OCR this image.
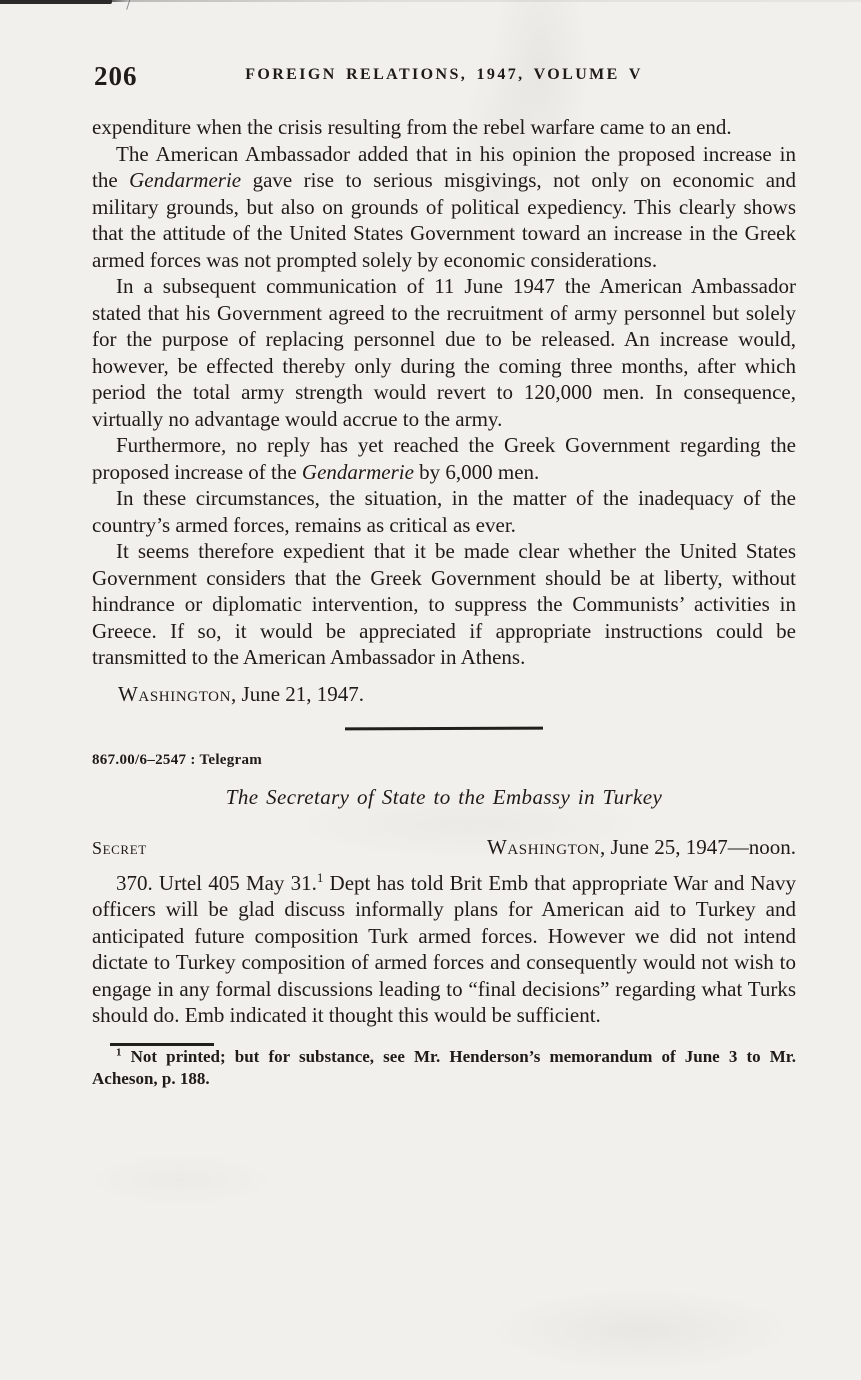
206	FOREIGN RELATIONS, 1947, VOLUME V

expenditure when the crisis resulting from the rebel warfare came to an end.

The American Ambassador added that in his opinion the proposed increase in the Gendarmerie gave rise to serious misgivings, not only on economic and military grounds, but also on grounds of political expediency. This clearly shows that the attitude of the United States Government toward an increase in the Greek armed forces was not prompted solely by economic considerations.

In a subsequent communication of 11 June 1947 the American Ambassador stated that his Government agreed to the recruitment of army personnel but solely for the purpose of replacing personnel due to be released. An increase would, however, be effected thereby only during the coming three months, after which period the total army strength would revert to 120,000 men. In consequence, virtually no advantage would accrue to the army.

Furthermore, no reply has yet reached the Greek Government regarding the proposed increase of the Gendarmerie by 6,000 men.

In these circumstances, the situation, in the matter of the inadequacy of the country’s armed forces, remains as critical as ever.

It seems therefore expedient that it be made clear whether the United States Government considers that the Greek Government should be at liberty, without hindrance or diplomatic intervention, to suppress the Communists’ activities in Greece. If so, it would be appreciated if appropriate instructions could be transmitted to the American Ambassador in Athens.

Washington, June 21, 1947.

867.00/6–2547 : Telegram
The Secretary of State to the Embassy in Turkey
Secret	Washington, June 25, 1947—noon.

370. Urtel 405 May 31.$^1$ Dept has told Brit Emb that appropriate War and Navy officers will be glad discuss informally plans for American aid to Turkey and anticipated future composition Turk armed forces. However we did not intend dictate to Turkey composition of armed forces and consequently would not wish to engage in any formal discussions leading to “final decisions” regarding what Turks should do. Emb indicated it thought this would be sufficient.

$^1$ Not printed; but for substance, see Mr. Henderson’s memorandum of June 3 to Mr. Acheson, p. 188.
